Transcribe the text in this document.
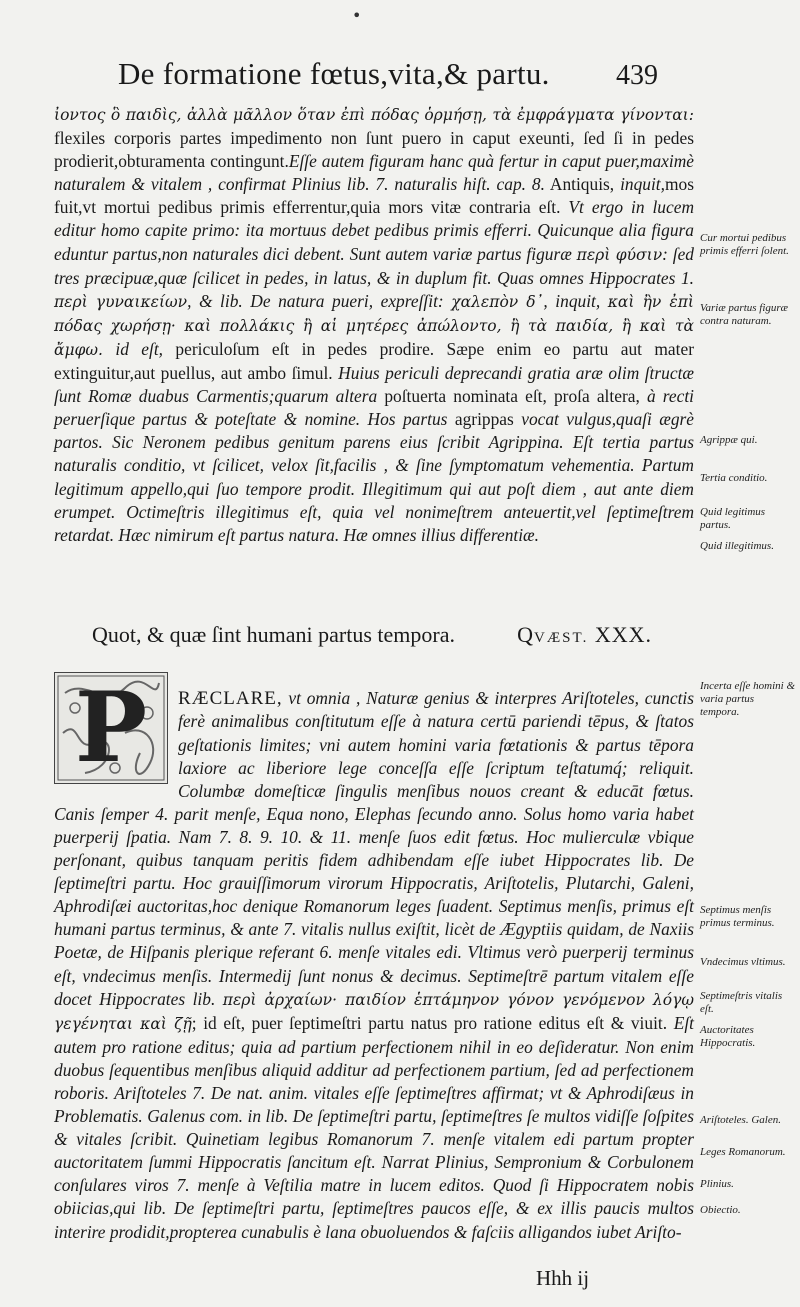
•
De formatione fœtus,vita,& partu. 439

ἰοντος ὃ παιδὶς, ἀλλὰ μᾶλλον ὅταν ἐπὶ πόδας ὁρμήσῃ, τὰ ἐμφράγματα γίνονται: flexiles corporis partes impedimento non ſunt puero in caput exeunti, ſed ſi in pedes prodierit,obturamenta contingunt.Eſſe autem figuram hanc quà fertur in caput puer,maximè naturalem & vitalem , confirmat Plinius lib. 7. naturalis hiſt. cap. 8. Antiquis, inquit,mos fuit,vt mortui pedibus primis efferrentur,quia mors vitæ contraria eſt. Vt ergo in lucem editur homo capite primo: ita mortuus debet pedibus primis efferri. Quicunque alia figura eduntur partus,non naturales dici debent. Sunt autem variæ partus figuræ περὶ φύσιν: ſed tres præcipuæ,quæ ſcilicet in pedes, in latus, & in duplum fit. Quas omnes Hippocrates 1. περὶ γυναικείων, & lib. De natura pueri, expreſſit: χαλεπὸν δ᾽, inquit, καὶ ἢν ἐπὶ πόδας χωρήσῃ· καὶ πολλάκις ἢ αἱ μητέρες ἀπώλοντο, ἢ τὰ παιδία, ἢ καὶ τὰ ἄμφω. id eſt, periculoſum eſt in pedes prodire. Sæpe enim eo partu aut mater extinguitur,aut puellus, aut ambo ſimul. Huius periculi deprecandi gratia aræ olim ſtructæ ſunt Romæ duabus Carmentis;quarum altera poſtuerta nominata eſt, proſa altera, à recti peruerſique partus & poteſtate & nomine. Hos partus agrippas vocat vulgus,quaſi ægrè partos. Sic Neronem pedibus genitum parens eius ſcribit Agrippina. Eſt tertia partus naturalis conditio, vt ſcilicet, velox ſit,facilis , & ſine ſymptomatum vehementia. Partum legitimum appello,qui ſuo tempore prodit. Illegitimum qui aut poſt diem , aut ante diem erumpet. Octimeſtris illegitimus eſt, quia vel nonimeſtrem anteuertit,vel ſeptimeſtrem retardat. Hæc nimirum eſt partus natura. Hæ omnes illius differentiæ.

Quot, & quæ ſint humani partus tempora.	QVÆST. XXX.
P	RÆCLARE, vt omnia , Naturæ genius & interpres Ariſtoteles, cunctis ferè animalibus conſtitutum eſſe à natura certū pariendi tēpus, & ſtatos geſtationis limites; vni autem homini varia fœtationis & partus tēpora laxiore ac liberiore lege conceſſa eſſe ſcriptum teſtatumq́; reliquit. Columbæ domeſticæ ſingulis menſibus nouos creant & educāt fœtus. Canis ſemper 4. parit menſe, Equa nono, Elephas ſecundo anno. Solus homo varia habet puerperij ſpatia. Nam 7. 8. 9. 10. & 11. menſe ſuos edit fœtus. Hoc mulierculæ vbique perſonant, quibus tanquam peritis fidem adhibendam eſſe iubet Hippocrates lib. De ſeptimeſtri partu. Hoc grauiſſimorum virorum Hippocratis, Ariſtotelis, Plutarchi, Galeni, Aphrodiſæi auctoritas,hoc denique Romanorum leges ſuadent. Septimus menſis, primus eſt humani partus terminus, & ante 7. vitalis nullus exiſtit, licèt de Ægyptiis quidam, de Naxiis Poetæ, de Hiſpanis plerique referant 6. menſe vitales edi. Vltimus verò puerperij terminus eſt, vndecimus menſis. Intermedij ſunt nonus & decimus. Septimeſtrē partum vitalem eſſe docet Hippocrates lib. περὶ ἀρχαίων· παιδίον ἑπτάμηνον γόνον γενόμενον λόγῳ γεγένηται καὶ ζῇ; id eſt, puer ſeptimeſtri partu natus pro ratione editus eſt & viuit. Eſt autem pro ratione editus; quia ad partium perfectionem nihil in eo deſideratur. Non enim duobus ſequentibus menſibus aliquid additur ad perfectionem partium, ſed ad perfectionem roboris. Ariſtoteles 7. De nat. anim. vitales eſſe ſeptimeſtres affirmat; vt & Aphrodiſæus in Problematis. Galenus com. in lib. De ſeptimeſtri partu, ſeptimeſtres ſe multos vidiſſe ſoſpites & vitales ſcribit. Quinetiam legibus Romanorum 7. menſe vitalem edi partum propter auctoritatem ſummi Hippocratis ſancitum eſt. Narrat Plinius, Sempronium & Corbulonem conſulares viros 7. menſe à Veſtilia matre in lucem editos. Quod ſi Hippocratem nobis obiicias,qui lib. De ſeptimeſtri partu, ſeptimeſtres paucos eſſe, & ex illis paucis multos interire prodidit,propterea cunabulis è lana obuoluendos & faſciis alligandos iubet Ariſto-

Cur mortui pedibus primis efferri ſolent.
Variæ partus figuræ contra naturam.
Agrippæ qui.
Tertia conditio.
Quid legitimus partus.
Quid illegitimus.
Incerta eſſe homini & varia partus tempora.
Septimus menſis primus terminus.
Vndecimus vltimus.
Septimeſtris vitalis eſt.
Auctoritates Hippocratis.
Ariſtoteles. Galen.
Leges Romanorum.
Plinius.
Obiectio.
Hhh ij
